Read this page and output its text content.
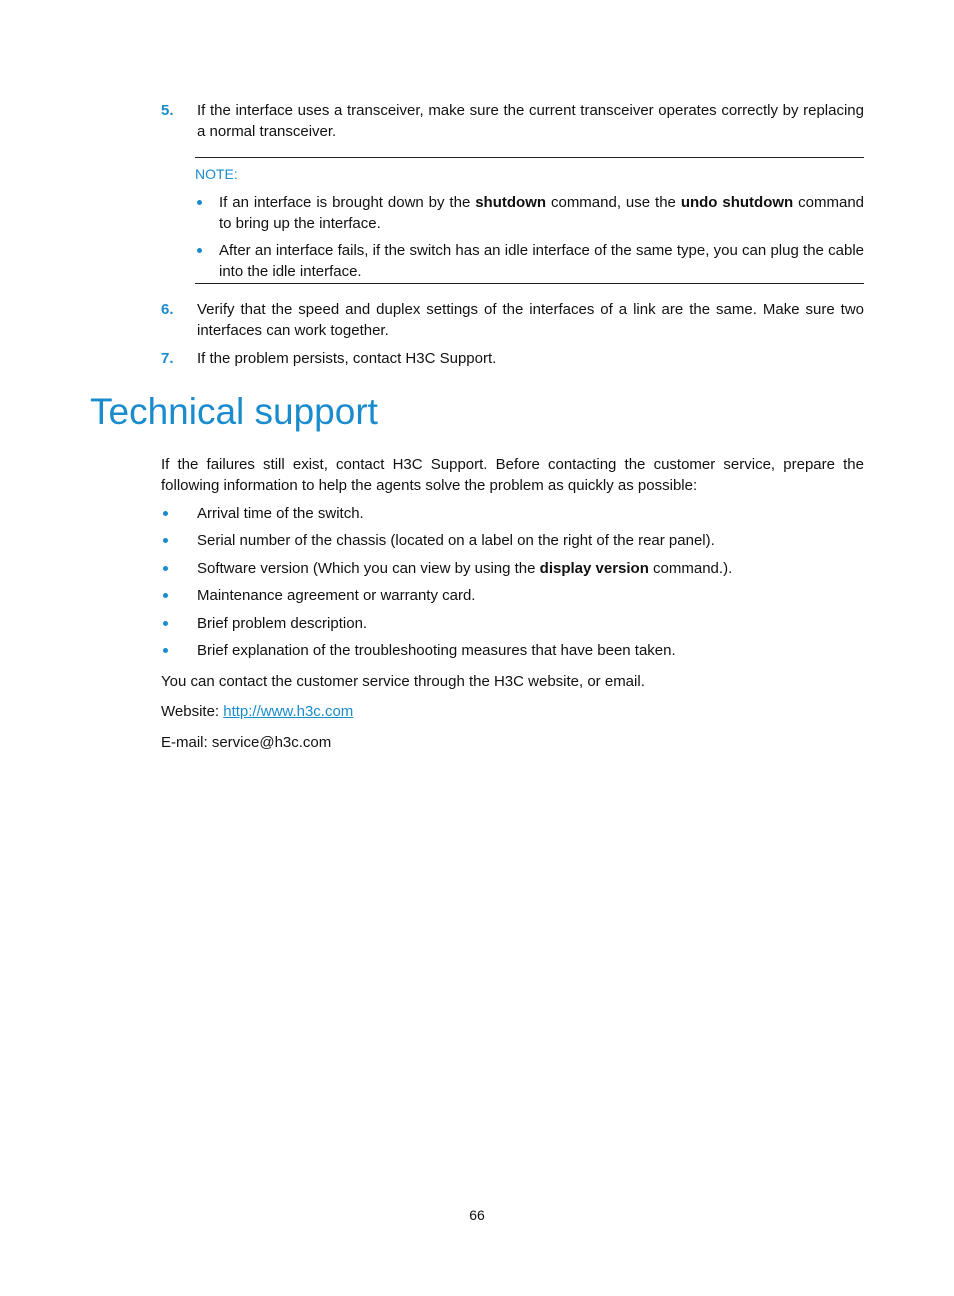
5. If the interface uses a transceiver, make sure the current transceiver operates correctly by replacing a normal transceiver.
NOTE:
If an interface is brought down by the shutdown command, use the undo shutdown command to bring up the interface.
After an interface fails, if the switch has an idle interface of the same type, you can plug the cable into the idle interface.
6. Verify that the speed and duplex settings of the interfaces of a link are the same. Make sure two interfaces can work together.
7. If the problem persists, contact H3C Support.
Technical support
If the failures still exist, contact H3C Support. Before contacting the customer service, prepare the following information to help the agents solve the problem as quickly as possible:
Arrival time of the switch.
Serial number of the chassis (located on a label on the right of the rear panel).
Software version (Which you can view by using the display version command.).
Maintenance agreement or warranty card.
Brief problem description.
Brief explanation of the troubleshooting measures that have been taken.
You can contact the customer service through the H3C website, or email.
Website: http://www.h3c.com
E-mail: service@h3c.com
66
